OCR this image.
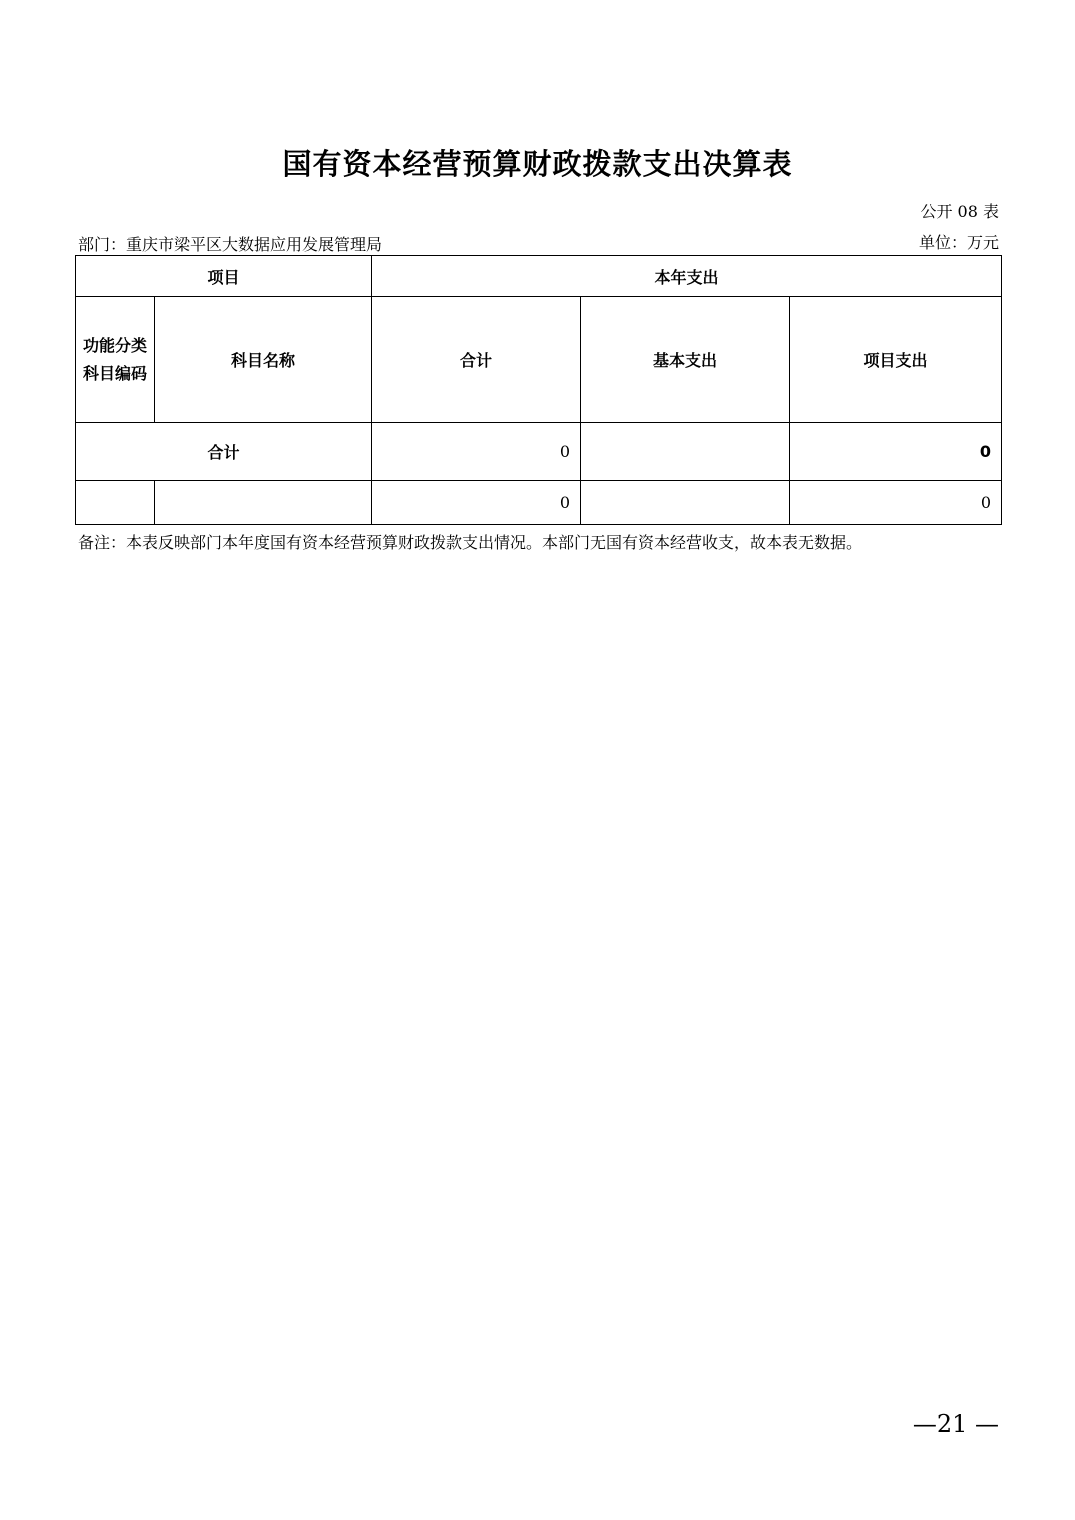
国有资本经营预算财政拨款支出决算表
公开 08 表
部门：重庆市梁平区大数据应用发展管理局	单位：万元
项目		本年支出		

功能分类
科目编码	科目名称	合计	基本支出	项目支出
合计		0		0
		0		0
备注：本表反映部门本年度国有资本经营预算财政拨款支出情况。本部门无国有资本经营收支，故本表无数据。
—21 —
